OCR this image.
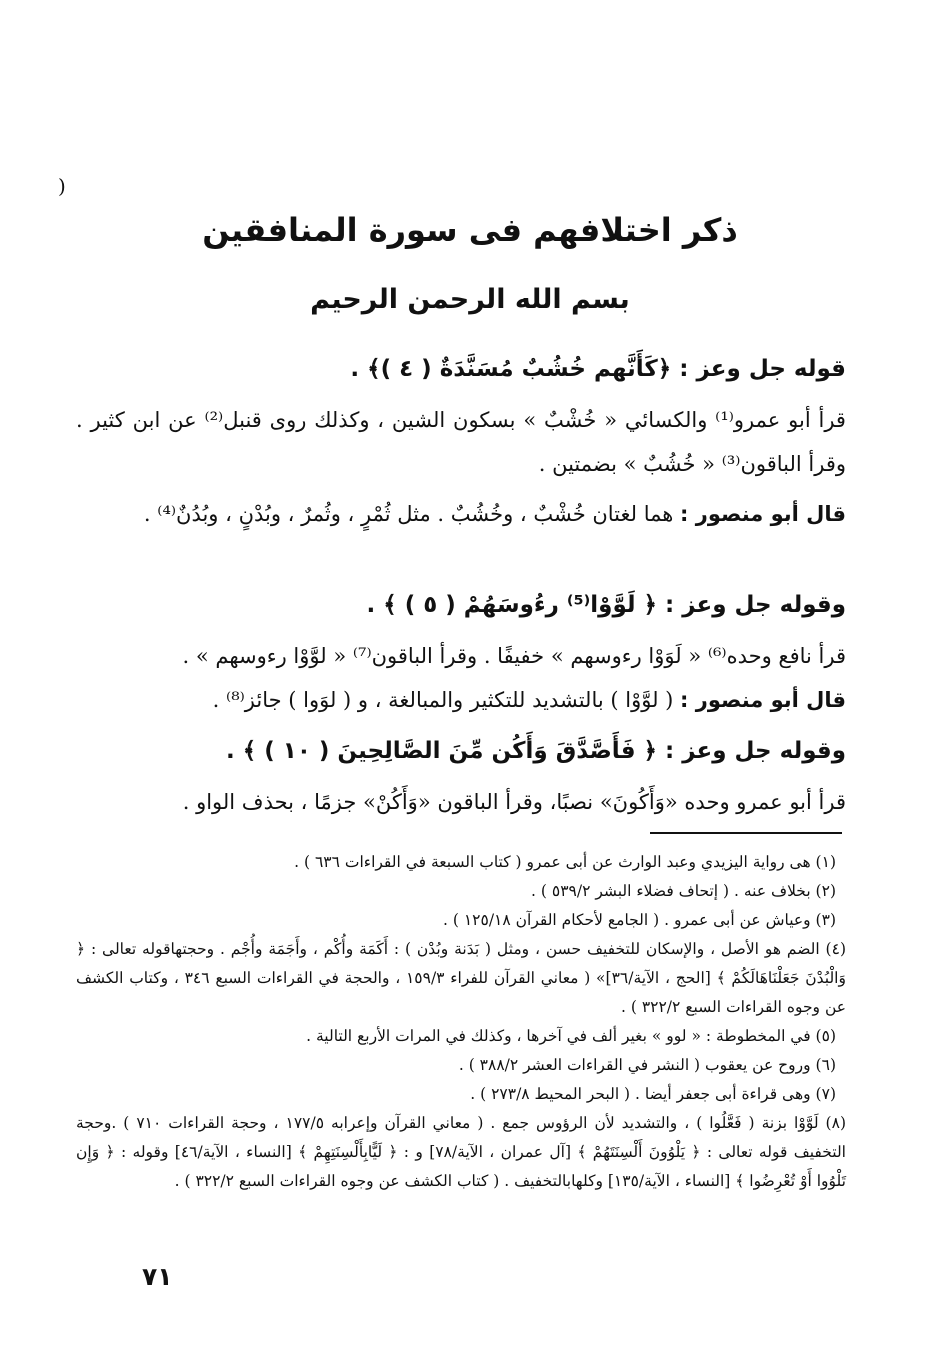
)
ذكر اختلافهم فى سورة المنافقين
بسم الله الرحمن الرحيم
قوله جل وعز : ﴿كَأَنَّهم خُشُبٌ مُسَنَّدَةٌ ( ٤ )﴾ .
قرأ أبو عمرو⁽¹⁾ والكسائي « خُشْبٌ » بسكون الشين ، وكذلك روى قنبل⁽²⁾ عن ابن كثير . وقرأ الباقون⁽³⁾ « خُشُبٌ » بضمتين .
قال أبو منصور : هما لغتان خُشْبٌ ، وخُشُبٌ . مثل ثُمْرٍ ، وثُمرٌ ، وبُدْنٍ ، وبُدُنٌ⁽⁴⁾ .
وقوله جل وعز : ﴿ لَوَّوْا⁽⁵⁾ رءُوسَهُمْ ( ٥ ) ﴾ .
قرأ نافع وحده⁽⁶⁾ « لَوَوْا رءوسهم » خفيفًا . وقرأ الباقون⁽⁷⁾ « لوَّوْا رءوسهم » .
قال أبو منصور : ( لوَّوْا ) بالتشديد للتكثير والمبالغة ، و ( لوَوا ) جائز⁽⁸⁾ .
وقوله جل وعز : ﴿ فَأَصَّدَّقَ وَأَكُن مِّنَ الصَّالِحِينَ ( ١٠ ) ﴾ .
قرأ أبو عمرو وحده «وَأَكُونَ» نصبًا، وقرأ الباقون «وَأَكُنْ» جزمًا ، بحذف الواو .

(١) هى رواية اليزيدي وعبد الوارث عن أبى عمرو ( كتاب السبعة في القراءات ٦٣٦ ) .

(٢) بخلاف عنه . ( إتحاف فضلاء البشر ٥٣٩/٢ ) .

(٣) وعياش عن أبى عمرو . ( الجامع لأحكام القرآن ١٢٥/١٨ ) .

(٤) الضم هو الأصل ، والإسكان للتخفيف حسن ، ومثل ( بَدَنة وبُدْن ) : أَكَمَة وأُكْم ، وأَجَمَة وأُجْم . وحجتهاقوله تعالى : ﴿ وَالْبُدْنَ جَعَلْنَاهَالَكُمْ ﴾ [الحج ، الآية/٣٦]» ( معاني القرآن للفراء ١٥٩/٣ ، والحجة في القراءات السبع ٣٤٦ ، وكتاب الكشف عن وجوه القراءات السبع ٣٢٢/٢ ) .

(٥) في المخطوطة : « لوو » بغير ألف في آخرها ، وكذلك في المرات الأربع التالية .

(٦) وروح عن يعقوب ( النشر في القراءات العشر ٣٨٨/٢ ) .

(٧) وهى قراءة أبى جعفر أيضا . ( البحر المحيط ٢٧٣/٨ ) .

(٨) لَوَّوْا بزنة ( فَعَّلُوا ) ، والتشديد لأن الرؤوس جمع . ( معاني القرآن وإعرابه ١٧٧/٥ ، وحجة القراءات ٧١٠ ) .وحجة التخفيف قوله تعالى : ﴿ يَلْوُونَ أَلْسِنَتَهُمْ ﴾ [آل عمران ، الآية/٧٨] و : ﴿ لَيًّابِأَلْسِنَتِهِمْ ﴾ [النساء ، الآية/٤٦] وقوله : ﴿ وَإِن تَلْوُوا أَوْ تُعْرِضُوا ﴾ [النساء ، الآية/١٣٥] وكلهابالتخفيف . ( كتاب الكشف عن وجوه القراءات السبع ٣٢٢/٢ ) .

٧١
